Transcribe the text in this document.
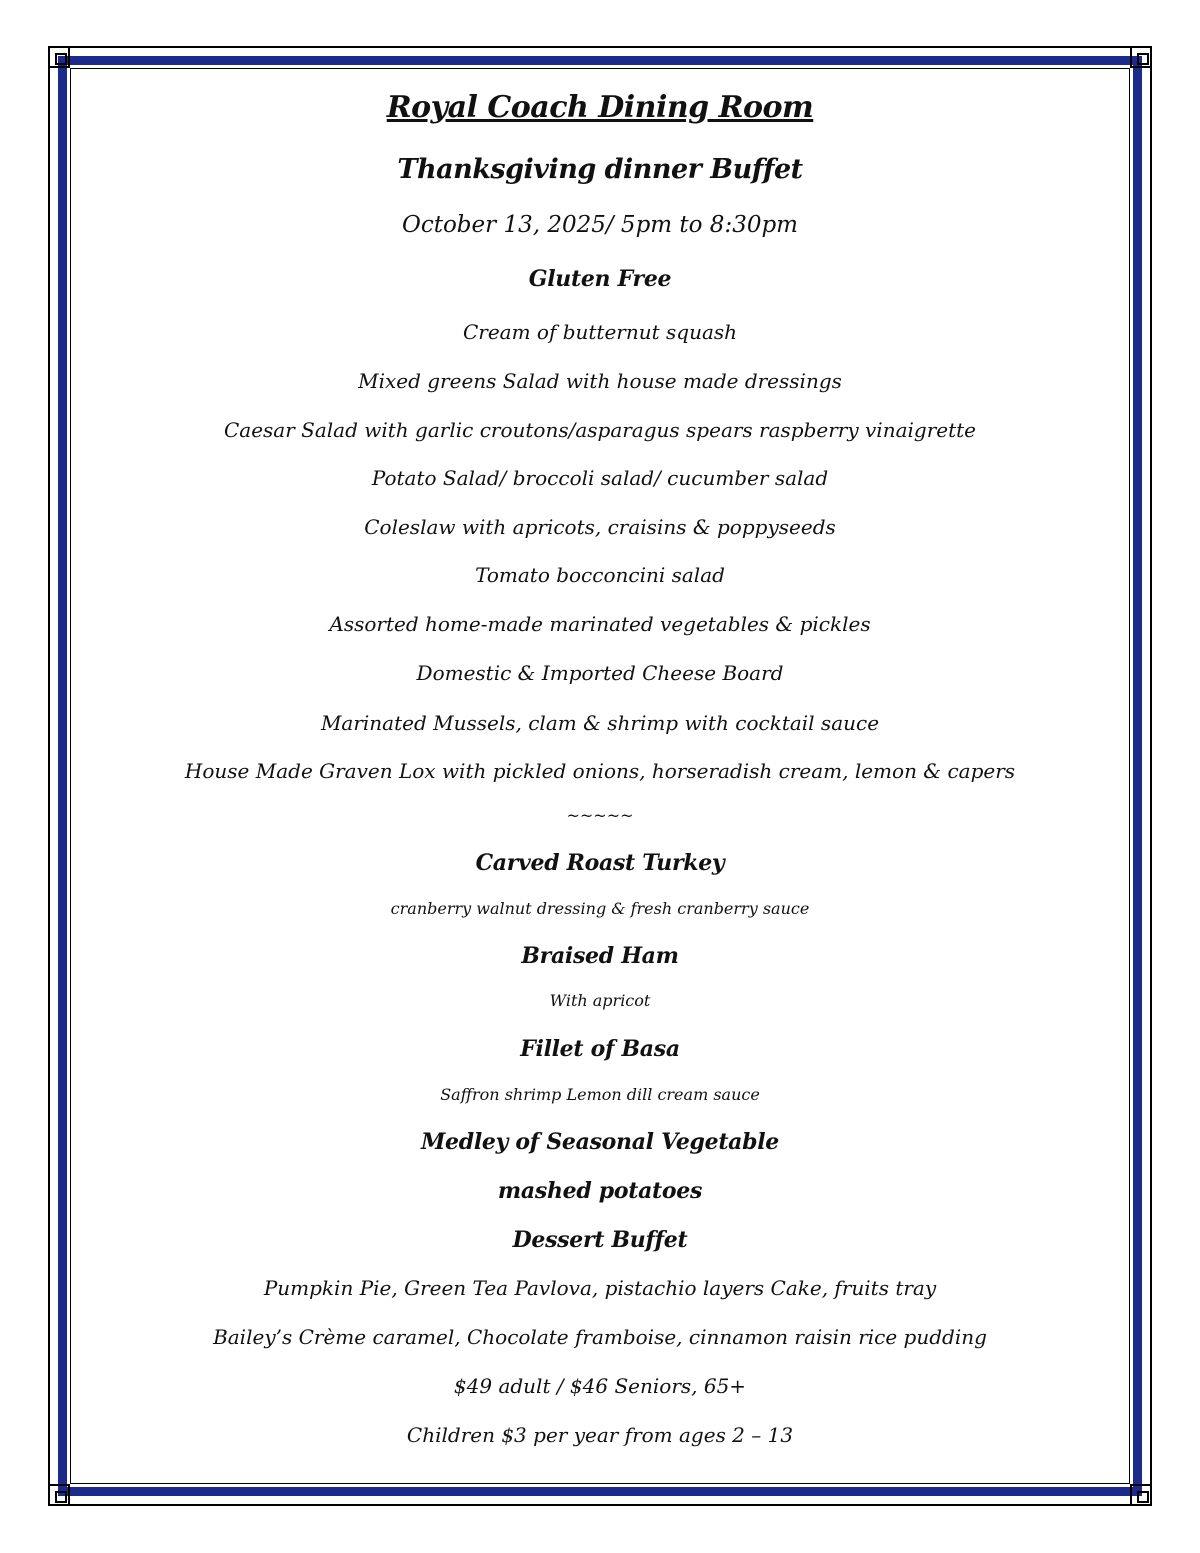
Royal Coach Dining Room
Thanksgiving dinner Buffet
October 13, 2025/ 5pm to 8:30pm
Gluten Free
Cream of butternut squash
Mixed greens Salad with house made dressings
Caesar Salad with garlic croutons/asparagus spears raspberry vinaigrette
Potato Salad/ broccoli salad/ cucumber salad
Coleslaw with apricots, craisins & poppyseeds
Tomato bocconcini salad
Assorted home-made marinated vegetables & pickles
Domestic & Imported Cheese Board
Marinated Mussels, clam & shrimp with cocktail sauce
House Made Graven Lox with pickled onions, horseradish cream, lemon & capers
~~~~~
Carved Roast Turkey
cranberry walnut dressing & fresh cranberry sauce
Braised Ham
With apricot
Fillet of Basa
Saffron shrimp Lemon dill cream sauce
Medley of Seasonal Vegetable
mashed potatoes
Dessert Buffet
Pumpkin Pie, Green Tea Pavlova, pistachio layers Cake, fruits tray
Bailey’s Crème caramel, Chocolate framboise, cinnamon raisin rice pudding
$49 adult / $46 Seniors, 65+
Children $3 per year from ages 2 – 13
